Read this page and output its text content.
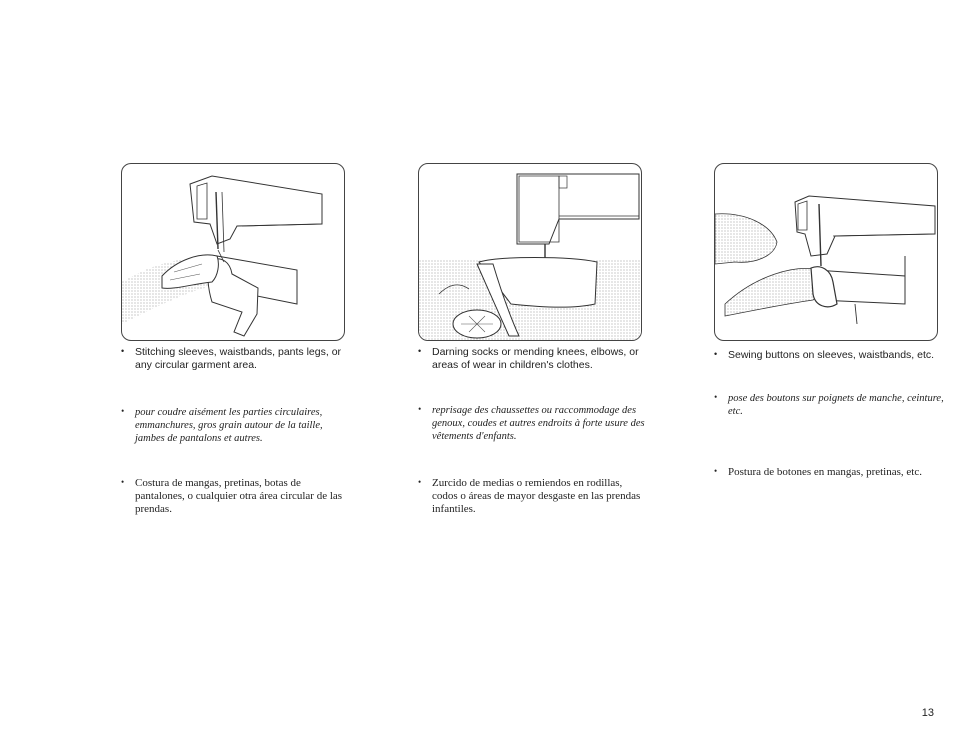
• Stitching sleeves, waistbands, pants legs, or any circular garment area.
• pour coudre aisément les parties circulaires, emmanchures, gros grain autour de la taille, jambes de pantalons et autres.
• Costura de mangas, pretinas, botas de pantalones, o cualquier otra área circular de las prendas.
• Darning socks or mending knees, elbows, or areas of wear in children's clothes.
• reprisage des chaussettes ou raccommodage des genoux, coudes et autres endroits à forte usure des vêtements d'enfants.
• Zurcido de medias o remiendos en rodillas, codos o áreas de mayor desgaste en las prendas infantiles.
• Sewing buttons on sleeves, waistbands, etc.
• pose des boutons sur poignets de manche, ceinture, etc.
• Postura de botones en mangas, pretinas, etc.
13
